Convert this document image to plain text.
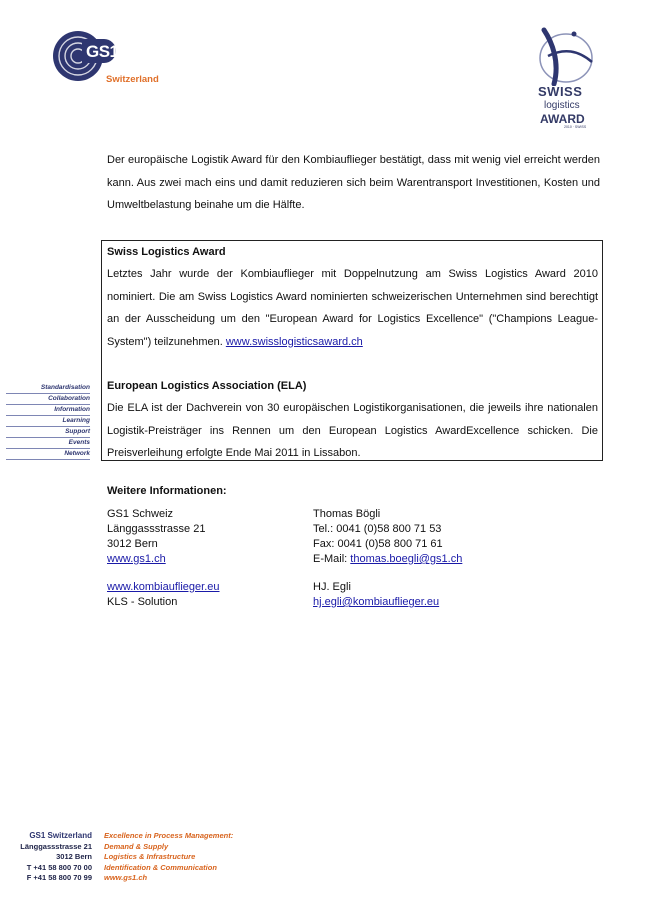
GS1
Switzerland
SWISS
logistics
AWARD
2010 · SWISS
Der europäische Logistik Award für den Kombiauflieger bestätigt, dass mit wenig viel erreicht werden kann. Aus zwei mach eins und damit reduzieren sich beim Warentransport Investitionen, Kosten und Umweltbelastung beinahe um die Hälfte.
Swiss Logistics Award
Letztes Jahr wurde der Kombiauflieger mit Doppelnutzung am Swiss Logistics Award 2010 nominiert. Die am Swiss Logistics Award nominierten schweizerischen Unternehmen sind berechtigt an der Ausscheidung um den "European Award for Logistics Excellence" ("Champions League-System") teilzunehmen. www.swisslogisticsaward.ch
European Logistics Association (ELA)
Die ELA ist der Dachverein von 30 europäischen Logistikorganisationen, die jeweils ihre nationalen Logistik-Preisträger ins Rennen um den European Logistics AwardExcellence schicken. Die Preisverleihung erfolgte Ende Mai 2011 in Lissabon.
Standardisation
Collaboration
Information
Learning
Support
Events
Network
Weitere Informationen:
GS1 Schweiz
Länggassstrasse 21
3012 Bern
www.gs1.ch
www.kombiauflieger.eu
KLS - Solution
Thomas Bögli
Tel.: 0041 (0)58 800 71 53
Fax: 0041 (0)58 800 71 61
E-Mail: thomas.boegli@gs1.ch
HJ. Egli
hj.egli@kombiauflieger.eu
GS1 Switzerland
Länggassstrasse 21
3012 Bern
T +41 58 800 70 00
F +41 58 800 70 99
Excellence in Process Management:
Demand & Supply
Logistics & Infrastructure
Identification & Communication
www.gs1.ch
